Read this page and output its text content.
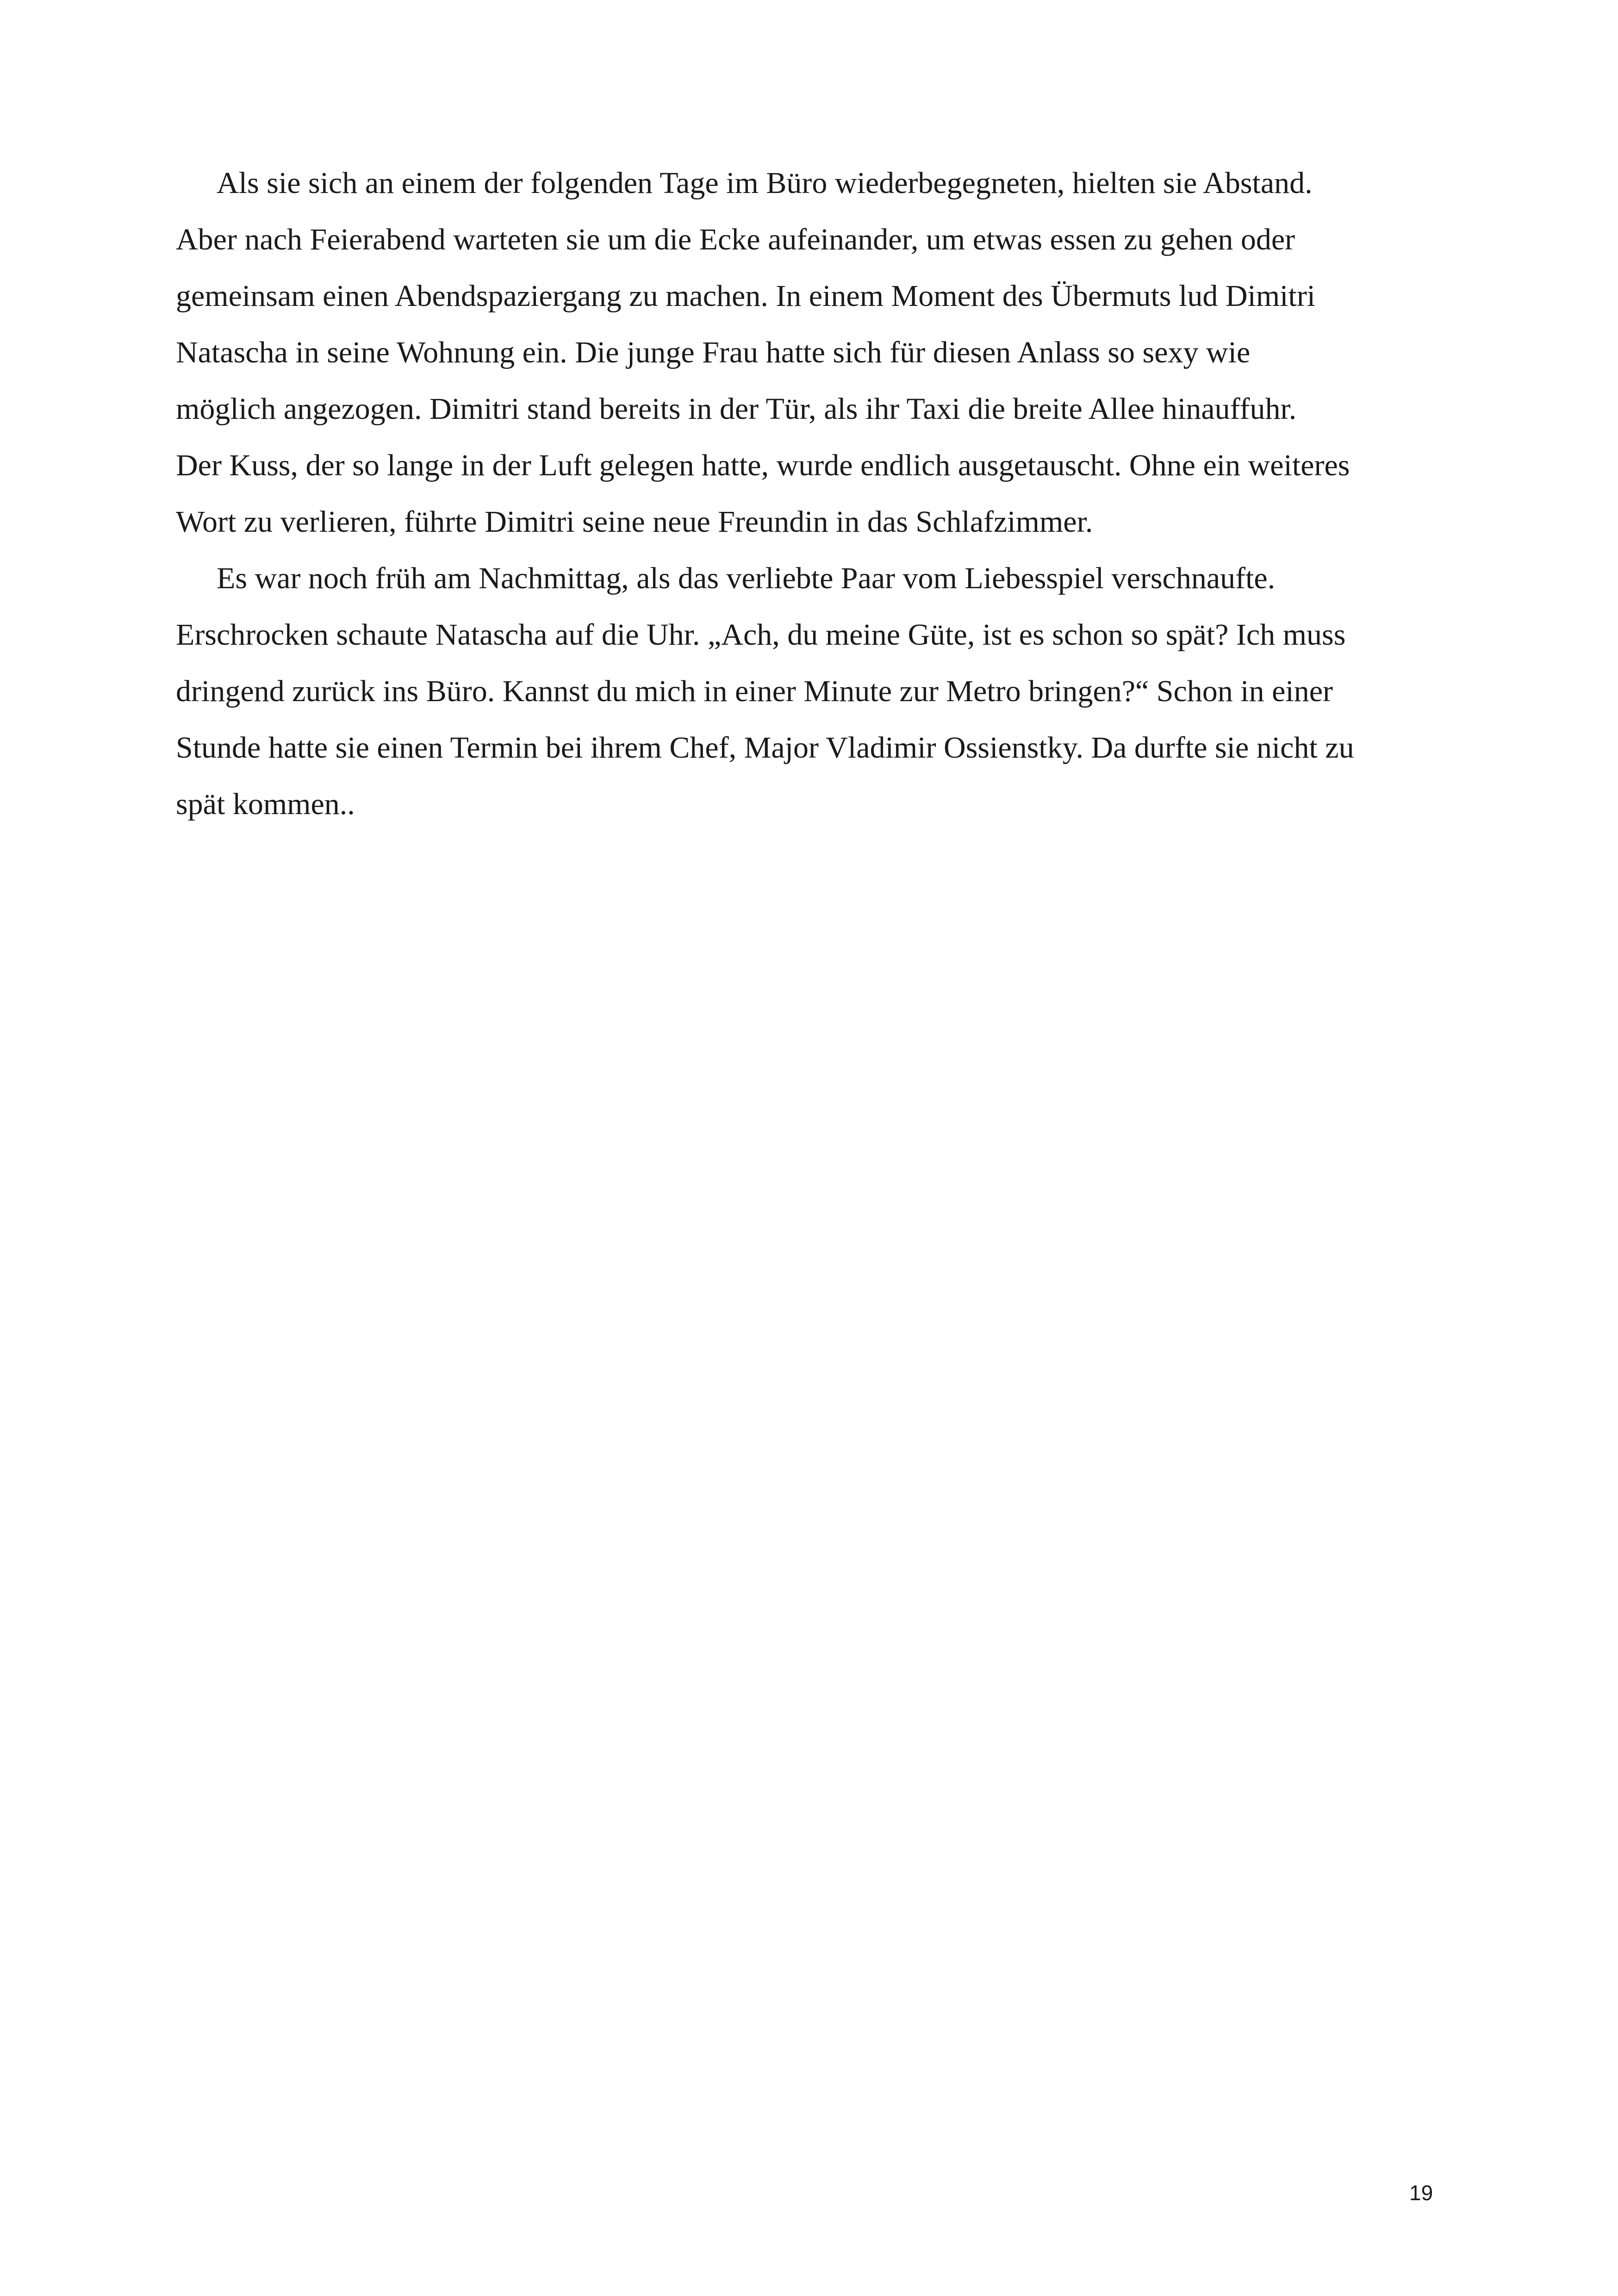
Als sie sich an einem der folgenden Tage im Büro wiederbegegneten, hielten sie Abstand.
Aber nach Feierabend warteten sie um die Ecke aufeinander, um etwas essen zu gehen oder
gemeinsam einen Abendspaziergang zu machen. In einem Moment des Übermuts lud Dimitri
Natascha in seine Wohnung ein. Die junge Frau hatte sich für diesen Anlass so sexy wie
möglich angezogen. Dimitri stand bereits in der Tür, als ihr Taxi die breite Allee hinauffuhr.
Der Kuss, der so lange in der Luft gelegen hatte, wurde endlich ausgetauscht. Ohne ein weiteres
Wort zu verlieren, führte Dimitri seine neue Freundin in das Schlafzimmer.

Es war noch früh am Nachmittag, als das verliebte Paar vom Liebesspiel verschnaufte.
Erschrocken schaute Natascha auf die Uhr. „Ach, du meine Güte, ist es schon so spät? Ich muss
dringend zurück ins Büro. Kannst du mich in einer Minute zur Metro bringen?“ Schon in einer
Stunde hatte sie einen Termin bei ihrem Chef, Major Vladimir Ossienstky. Da durfte sie nicht zu
spät kommen..

19
